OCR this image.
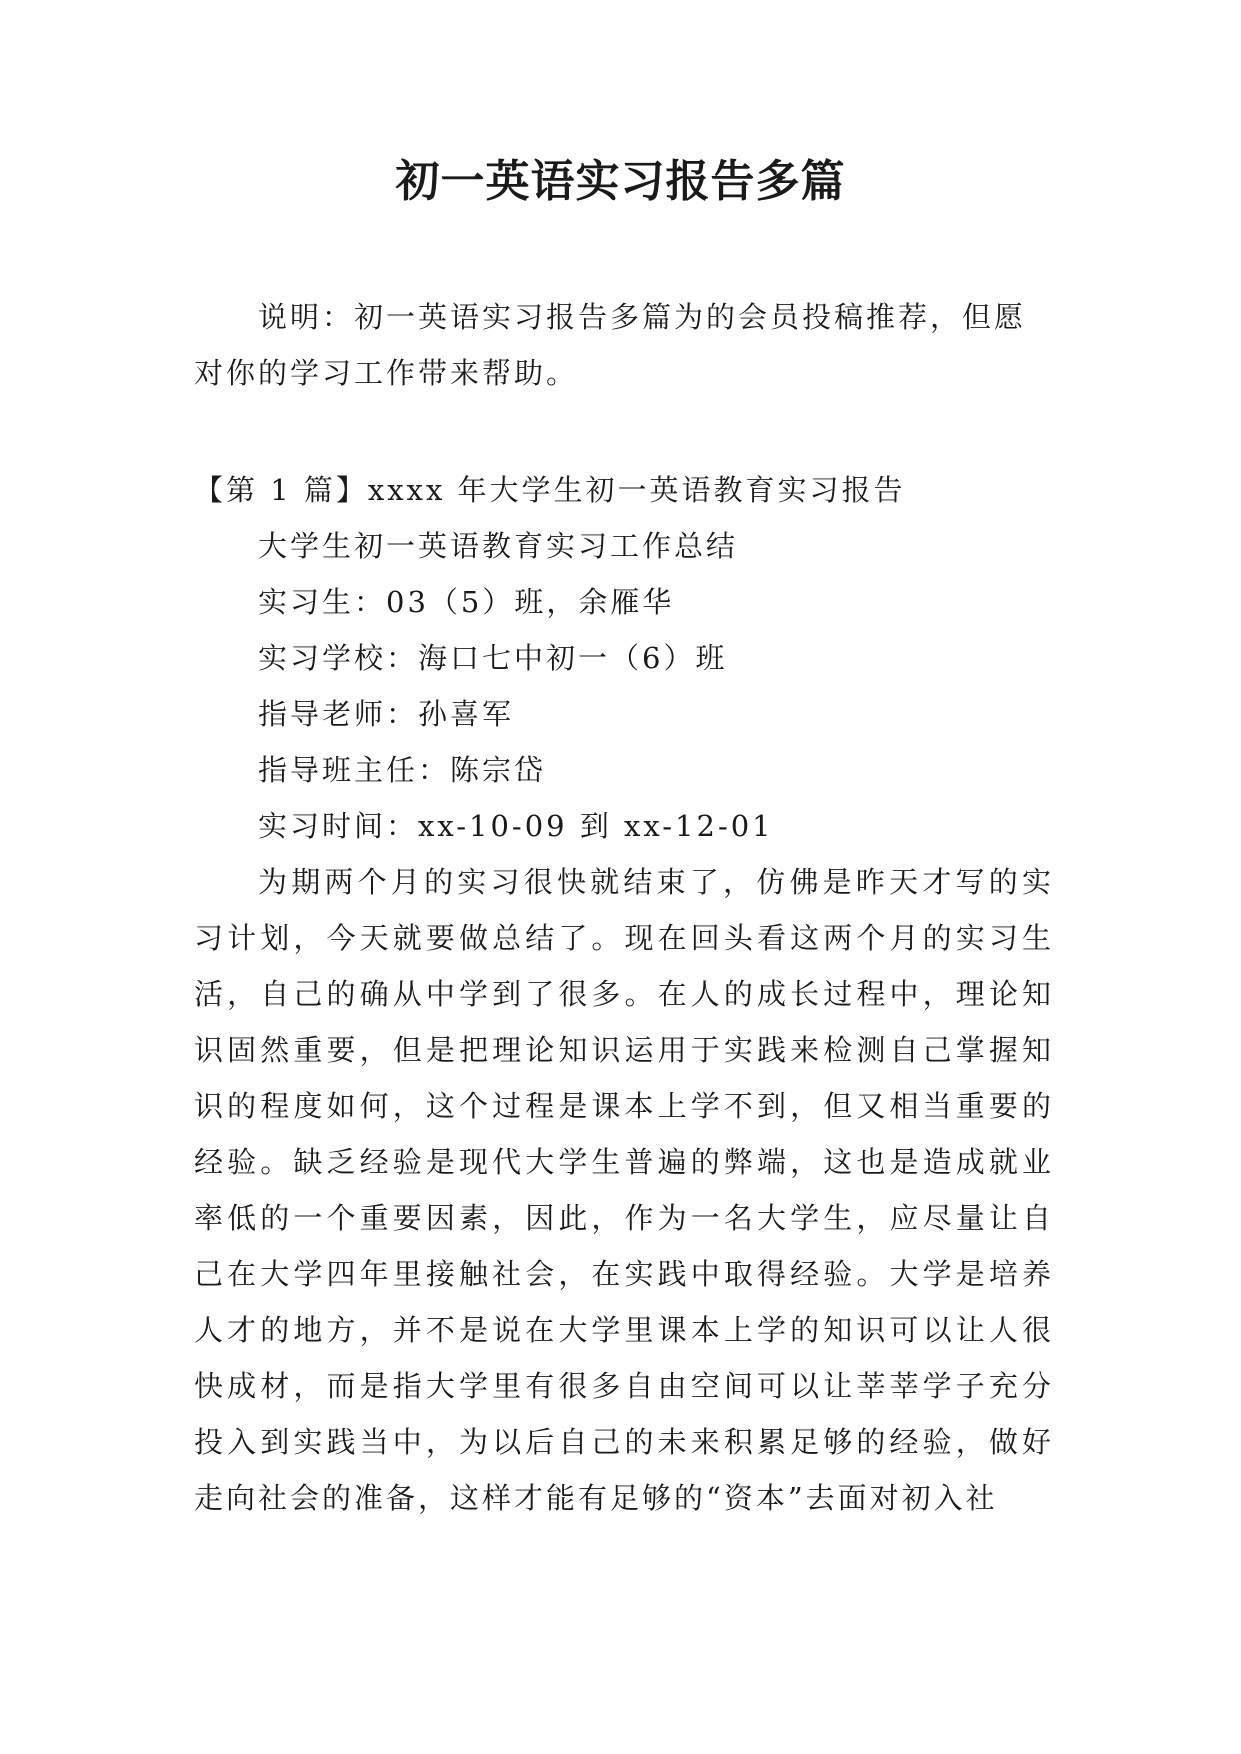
初一英语实习报告多篇

说明：初一英语实习报告多篇为的会员投稿推荐，但愿对你的学习工作带来帮助。

【第 1 篇】xxxx 年大学生初一英语教育实习报告

大学生初一英语教育实习工作总结

实习生：03（5）班，余雁华

实习学校：海口七中初一（6）班

指导老师：孙喜军

指导班主任：陈宗岱

实习时间：xx-10-09 到 xx-12-01

为期两个月的实习很快就结束了，仿佛是昨天才写的实习计划，今天就要做总结了。现在回头看这两个月的实习生活，自己的确从中学到了很多。在人的成长过程中，理论知识固然重要，但是把理论知识运用于实践来检测自己掌握知识的程度如何，这个过程是课本上学不到，但又相当重要的经验。缺乏经验是现代大学生普遍的弊端，这也是造成就业率低的一个重要因素，因此，作为一名大学生，应尽量让自己在大学四年里接触社会，在实践中取得经验。大学是培养人才的地方，并不是说在大学里课本上学的知识可以让人很快成材，而是指大学里有很多自由空间可以让莘莘学子充分投入到实践当中，为以后自己的未来积累足够的经验，做好走向社会的准备，这样才能有足够的“资本”去面对初入社
